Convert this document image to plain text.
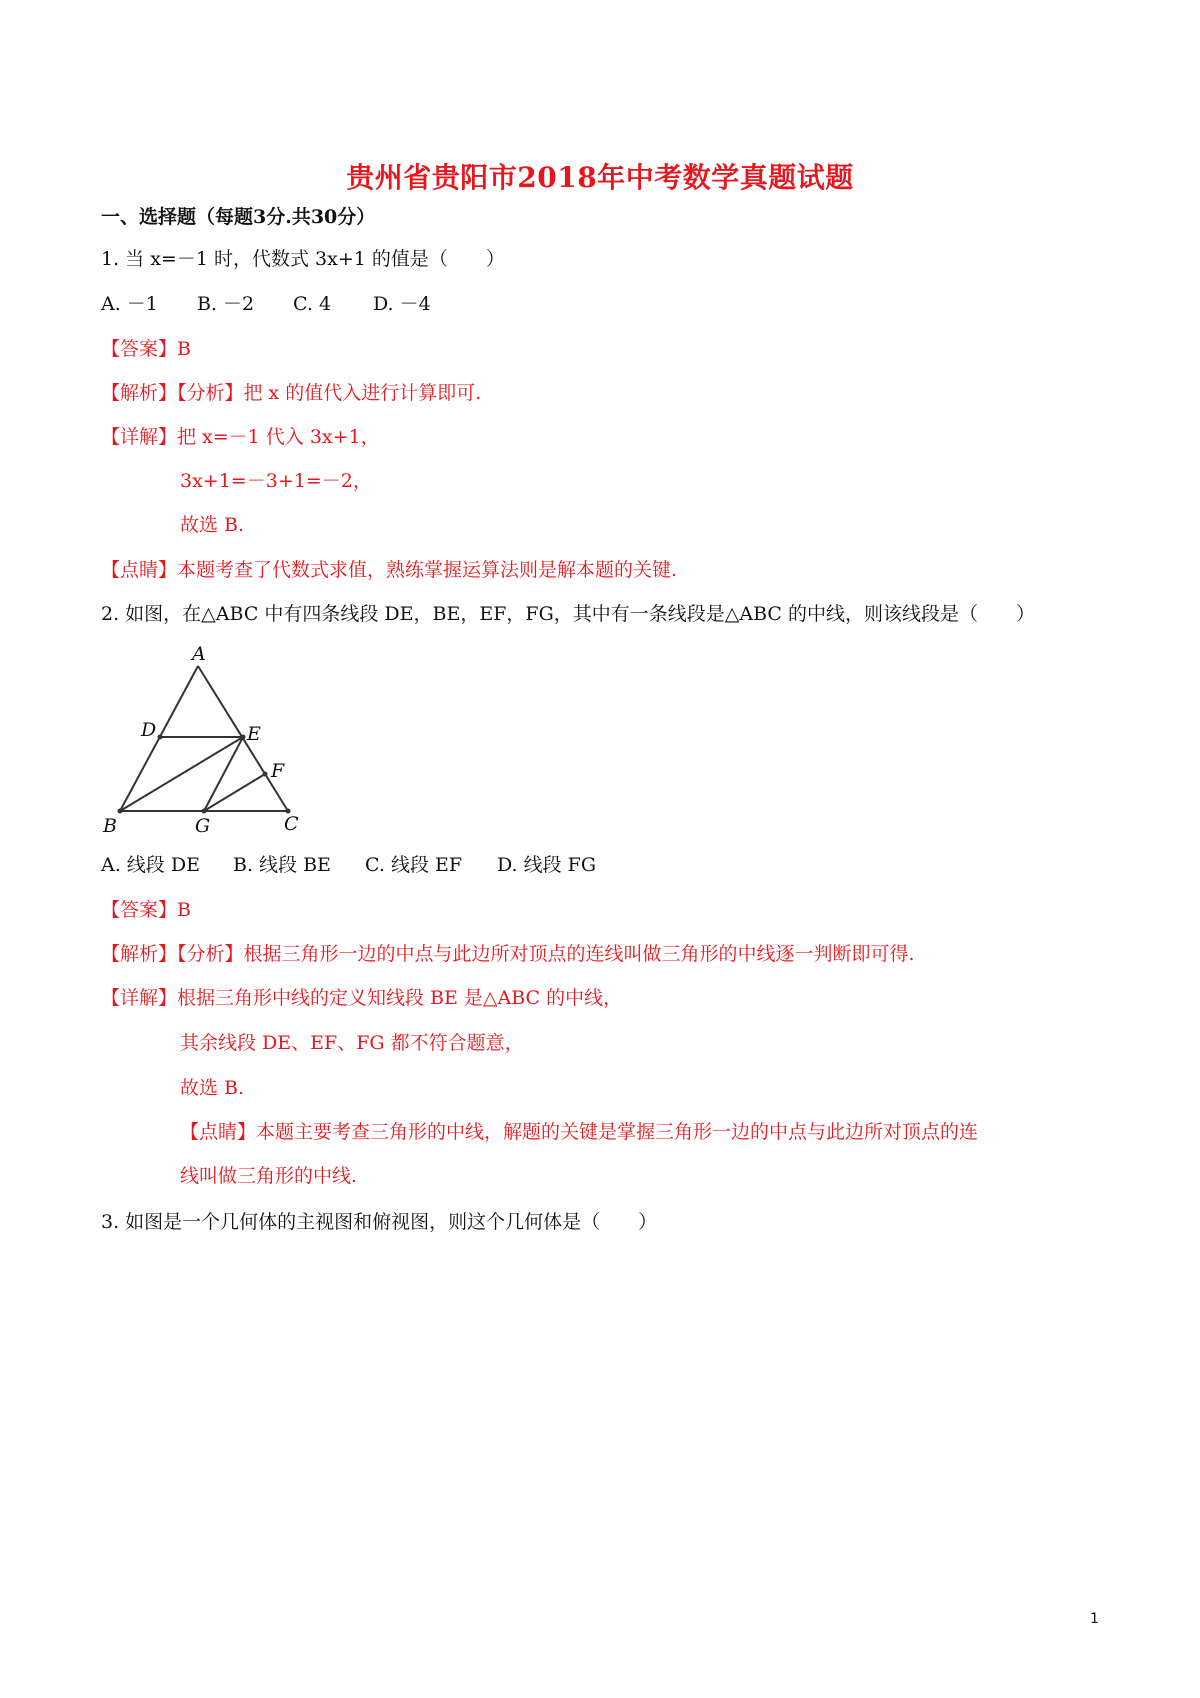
贵州省贵阳市2018年中考数学真题试题
一、选择题（每题3分.共30分）
1. 当 x=－1 时，代数式 3x+1 的值是（　　）
A. －1 B. －2 C. 4 D. －4
【答案】B
【解析】【分析】把 x 的值代入进行计算即可.
【详解】把 x=－1 代入 3x+1，
3x+1=－3+1=－2，
故选 B.
【点睛】本题考查了代数式求值，熟练掌握运算法则是解本题的关键.
2. 如图，在△ABC 中有四条线段 DE，BE，EF，FG，其中有一条线段是△ABC 的中线，则该线段是（　　）
A
D	E
F
B	G	C
A. 线段 DE B. 线段 BE C. 线段 EF D. 线段 FG
【答案】B
【解析】【分析】根据三角形一边的中点与此边所对顶点的连线叫做三角形的中线逐一判断即可得.
【详解】根据三角形中线的定义知线段 BE 是△ABC 的中线，
其余线段 DE、EF、FG 都不符合题意，
故选 B.
【点睛】本题主要考查三角形的中线，解题的关键是掌握三角形一边的中点与此边所对顶点的连
线叫做三角形的中线.
3. 如图是一个几何体的主视图和俯视图，则这个几何体是（　　）
1
